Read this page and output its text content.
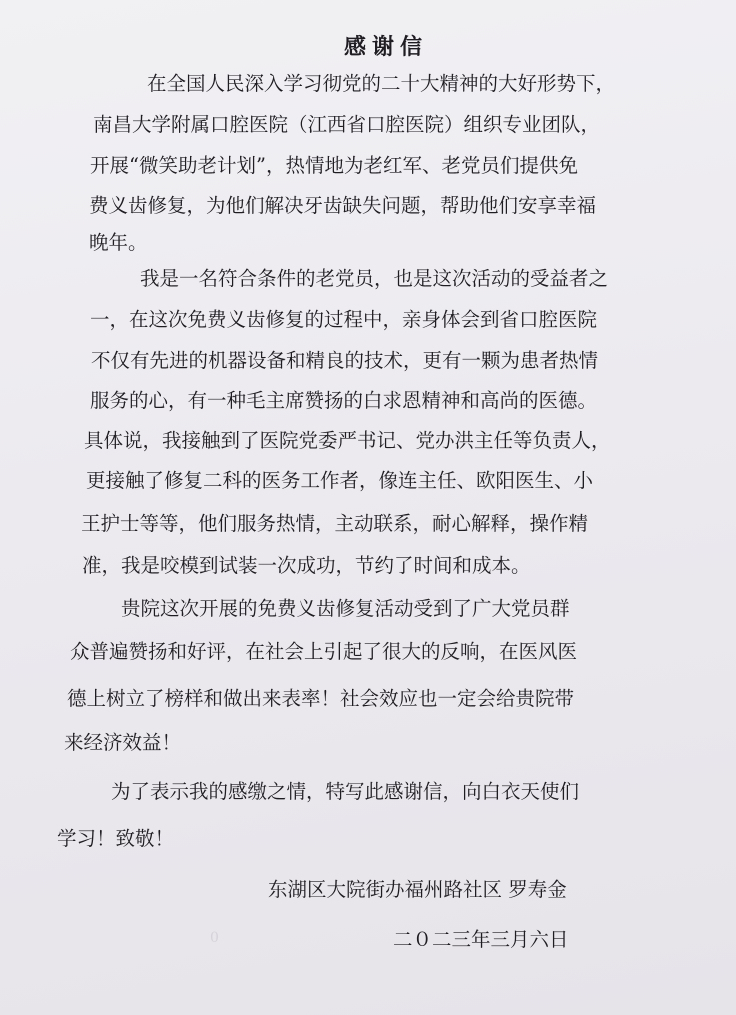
感谢信
在全国人民深入学习彻党的二十大精神的大好形势下，
南昌大学附属口腔医院（江西省口腔医院）组织专业团队，
开展“微笑助老计划”，热情地为老红军、老党员们提供免
费义齿修复，为他们解决牙齿缺失问题，帮助他们安享幸福
晚年。
我是一名符合条件的老党员，也是这次活动的受益者之
一，在这次免费义齿修复的过程中，亲身体会到省口腔医院
不仅有先进的机器设备和精良的技术，更有一颗为患者热情
服务的心，有一种毛主席赞扬的白求恩精神和高尚的医德。
具体说，我接触到了医院党委严书记、党办洪主任等负责人，
更接触了修复二科的医务工作者，像连主任、欧阳医生、小
王护士等等，他们服务热情，主动联系，耐心解释，操作精
准，我是咬模到试装一次成功，节约了时间和成本。
贵院这次开展的免费义齿修复活动受到了广大党员群
众普遍赞扬和好评，在社会上引起了很大的反响，在医风医
德上树立了榜样和做出来表率！社会效应也一定会给贵院带
来经济效益！
为了表示我的感缴之情，特写此感谢信，向白衣天使们
学习！致敬！
东湖区大院街办福州路社区 罗寿金
0	二０二三年三月六日
